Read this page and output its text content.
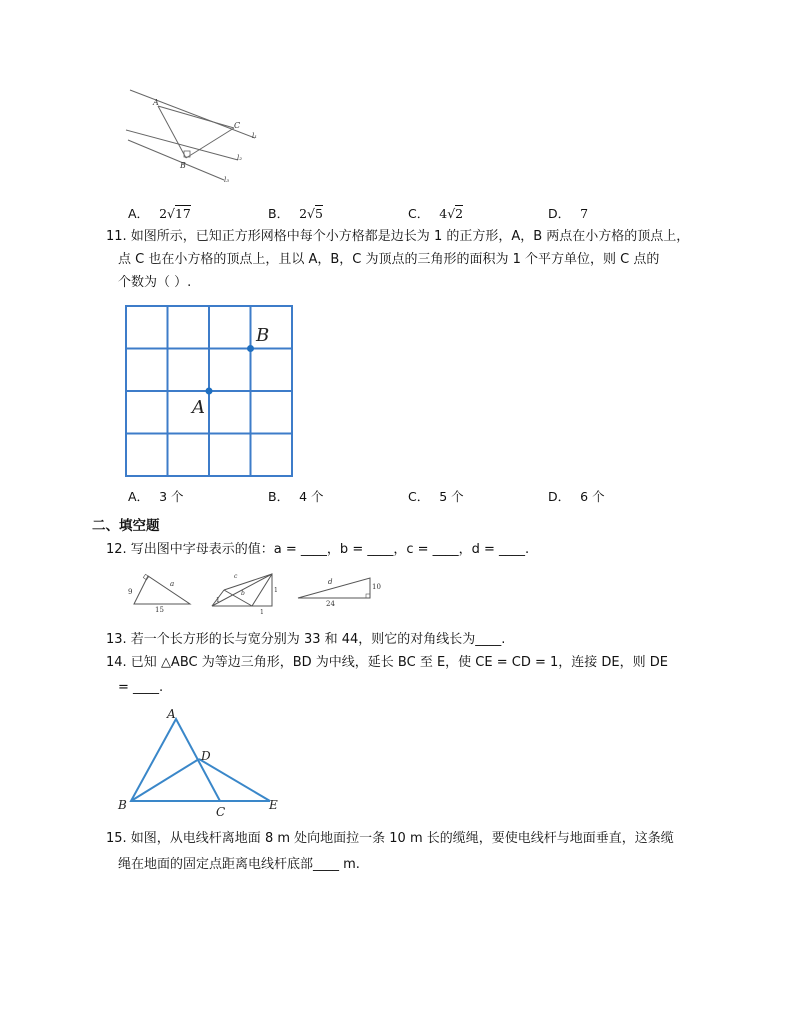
A
B
C
l₁
l₂
l₃
A． 2√17	B． 2√5	C． 4√2	D． 7
11. 如图所示，已知正方形网格中每个小方格都是边长为 1 的正方形，A，B 两点在小方格的顶点上，
点 C 也在小方格的顶点上，且以 A，B，C 为顶点的三角形的面积为 1 个平方单位，则 C 点的
个数为（ ）.
A
B
A． 3 个	B． 4 个	C． 5 个	D． 6 个
二、填空题
12. 写出图中字母表示的值：a = ____，b = ____，c = ____，d = ____.
9
a
15
c
b
1
1
1
d
10
24
13. 若一个长方形的长与宽分别为 33 和 44，则它的对角线长为____.
14. 已知 △ABC 为等边三角形，BD 为中线，延长 BC 至 E，使 CE = CD = 1，连接 DE，则 DE
= ____.
A
B	C
D
E
15. 如图，从电线杆离地面 8 m 处向地面拉一条 10 m 长的缆绳，要使电线杆与地面垂直，这条缆
绳在地面的固定点距离电线杆底部____ m.
